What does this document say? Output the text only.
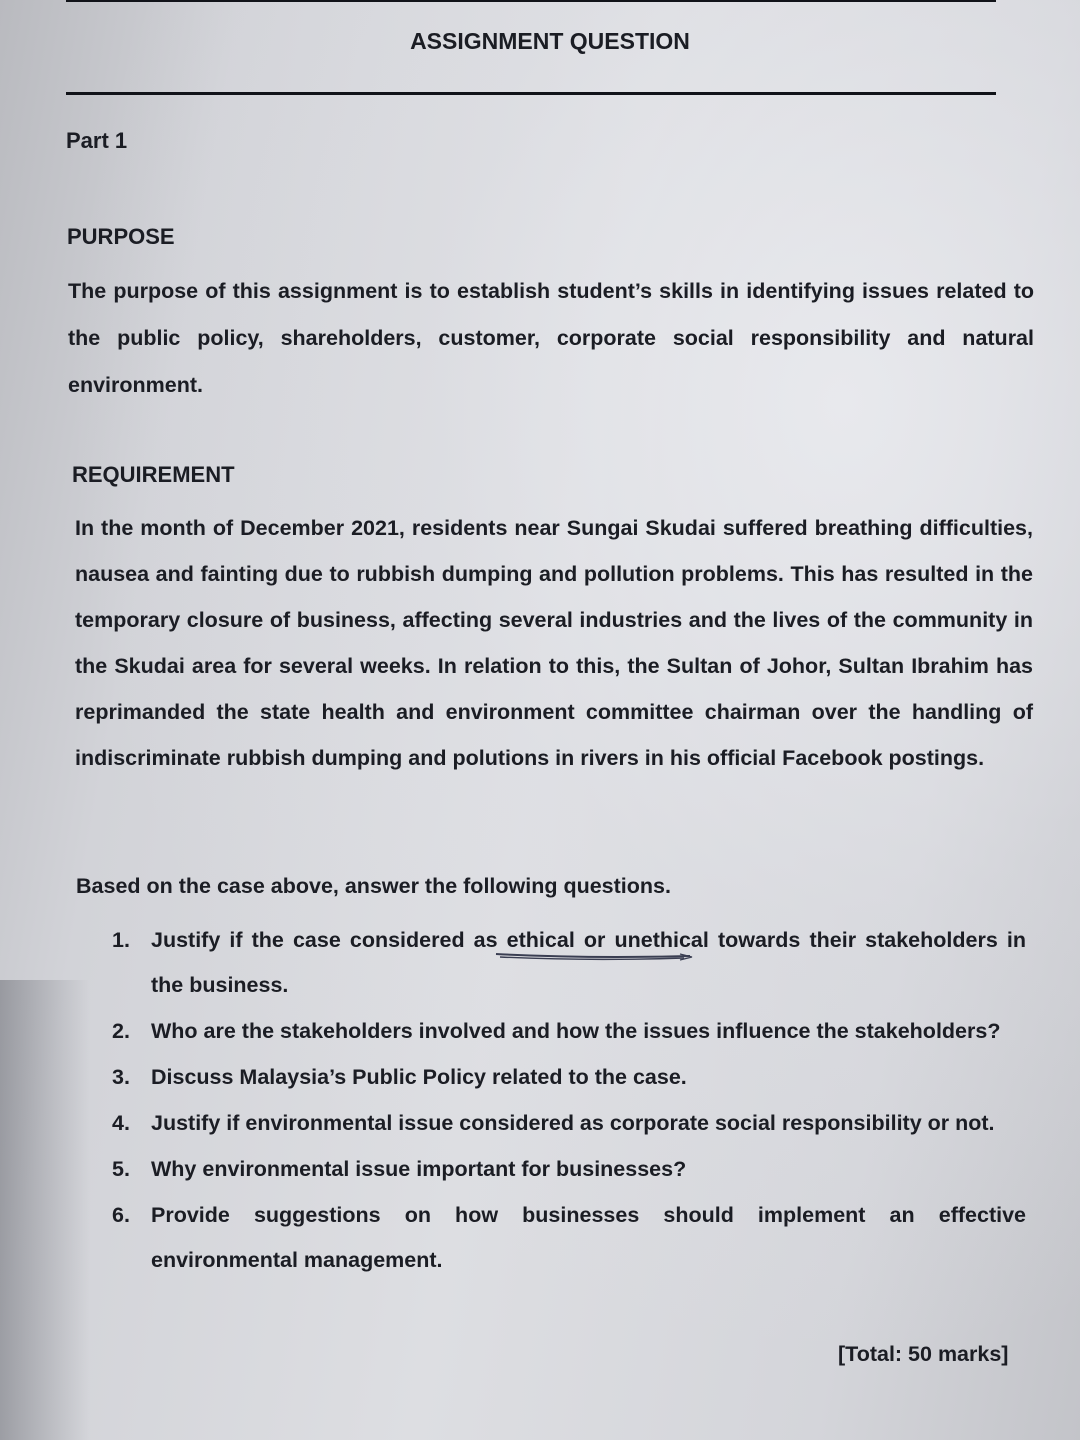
ASSIGNMENT QUESTION
Part 1
PURPOSE
The purpose of this assignment is to establish student’s skills in identifying issues related to the public policy, shareholders, customer, corporate social responsibility and natural environment.
REQUIREMENT
In the month of December 2021, residents near Sungai Skudai suffered breathing difficulties, nausea and fainting due to rubbish dumping and pollution problems. This has resulted in the temporary closure of business, affecting several industries and the lives of the community in the Skudai area for several weeks. In relation to this, the Sultan of Johor, Sultan Ibrahim has reprimanded the state health and environment committee chairman over the handling of indiscriminate rubbish dumping and polutions in rivers in his official Facebook postings.
Based on the case above, answer the following questions.
1. Justify if the case considered as ethical or unethical towards their stakeholders in the business.
2. Who are the stakeholders involved and how the issues influence the stakeholders?
3. Discuss Malaysia’s Public Policy related to the case.
4. Justify if environmental issue considered as corporate social responsibility or not.
5. Why environmental issue important for businesses?
6. Provide suggestions on how businesses should implement an effective environmental management.
[Total: 50 marks]
